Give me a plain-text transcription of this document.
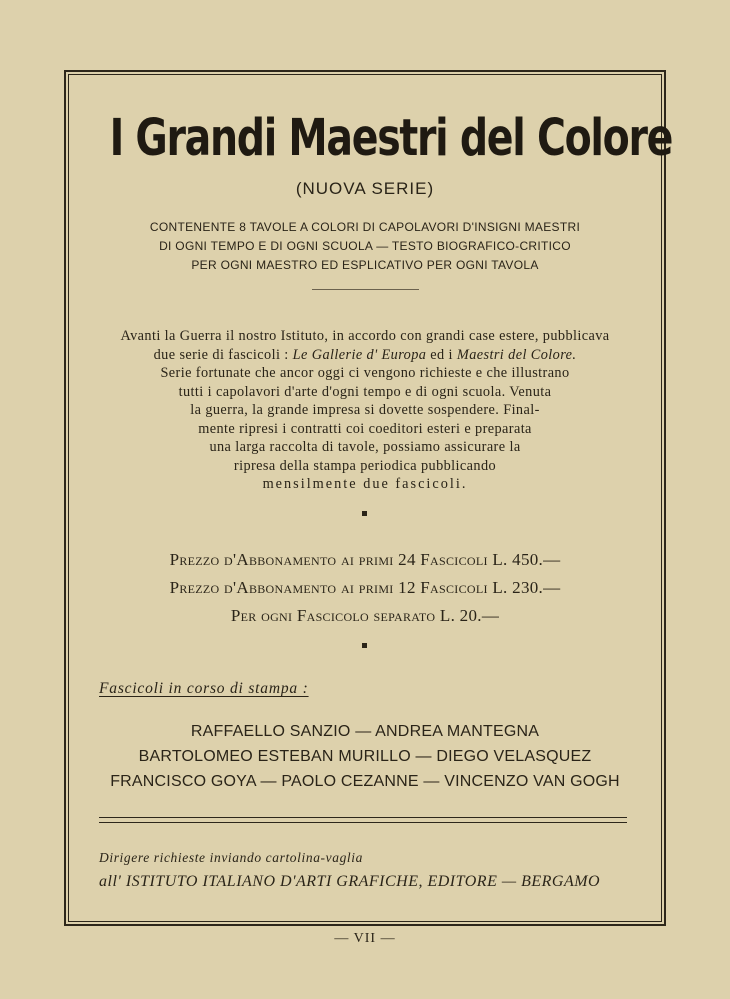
I Grandi Maestri del Colore
(NUOVA SERIE)
CONTENENTE 8 TAVOLE A COLORI DI CAPOLAVORI D'INSIGNI MAESTRI
DI OGNI TEMPO E DI OGNI SCUOLA — TESTO BIOGRAFICO-CRITICO
PER OGNI MAESTRO ED ESPLICATIVO PER OGNI TAVOLA
Avanti la Guerra il nostro Istituto, in accordo con grandi case estere, pubblicava
due serie di fascicoli : Le Gallerie d' Europa ed i Maestri del Colore.
Serie fortunate che ancor oggi ci vengono richieste e che illustrano
tutti i capolavori d'arte d'ogni tempo e di ogni scuola. Venuta
la guerra, la grande impresa si dovette sospendere. Final-
mente ripresi i contratti coi coeditori esteri e preparata
una larga raccolta di tavole, possiamo assicurare la
ripresa della stampa periodica pubblicando
mensilmente due fascicoli.
Prezzo d'Abbonamento ai primi 24 Fascicoli L. 450.—
Prezzo d'Abbonamento ai primi 12 Fascicoli L. 230.—
Per ogni Fascicolo separato L. 20.—
Fascicoli in corso di stampa :
RAFFAELLO SANZIO — ANDREA MANTEGNA
BARTOLOMEO ESTEBAN MURILLO — DIEGO VELASQUEZ
FRANCISCO GOYA — PAOLO CEZANNE — VINCENZO VAN GOGH
Dirigere richieste inviando cartolina-vaglia
all' ISTITUTO ITALIANO D'ARTI GRAFICHE, EDITORE — BERGAMO
— VII —
